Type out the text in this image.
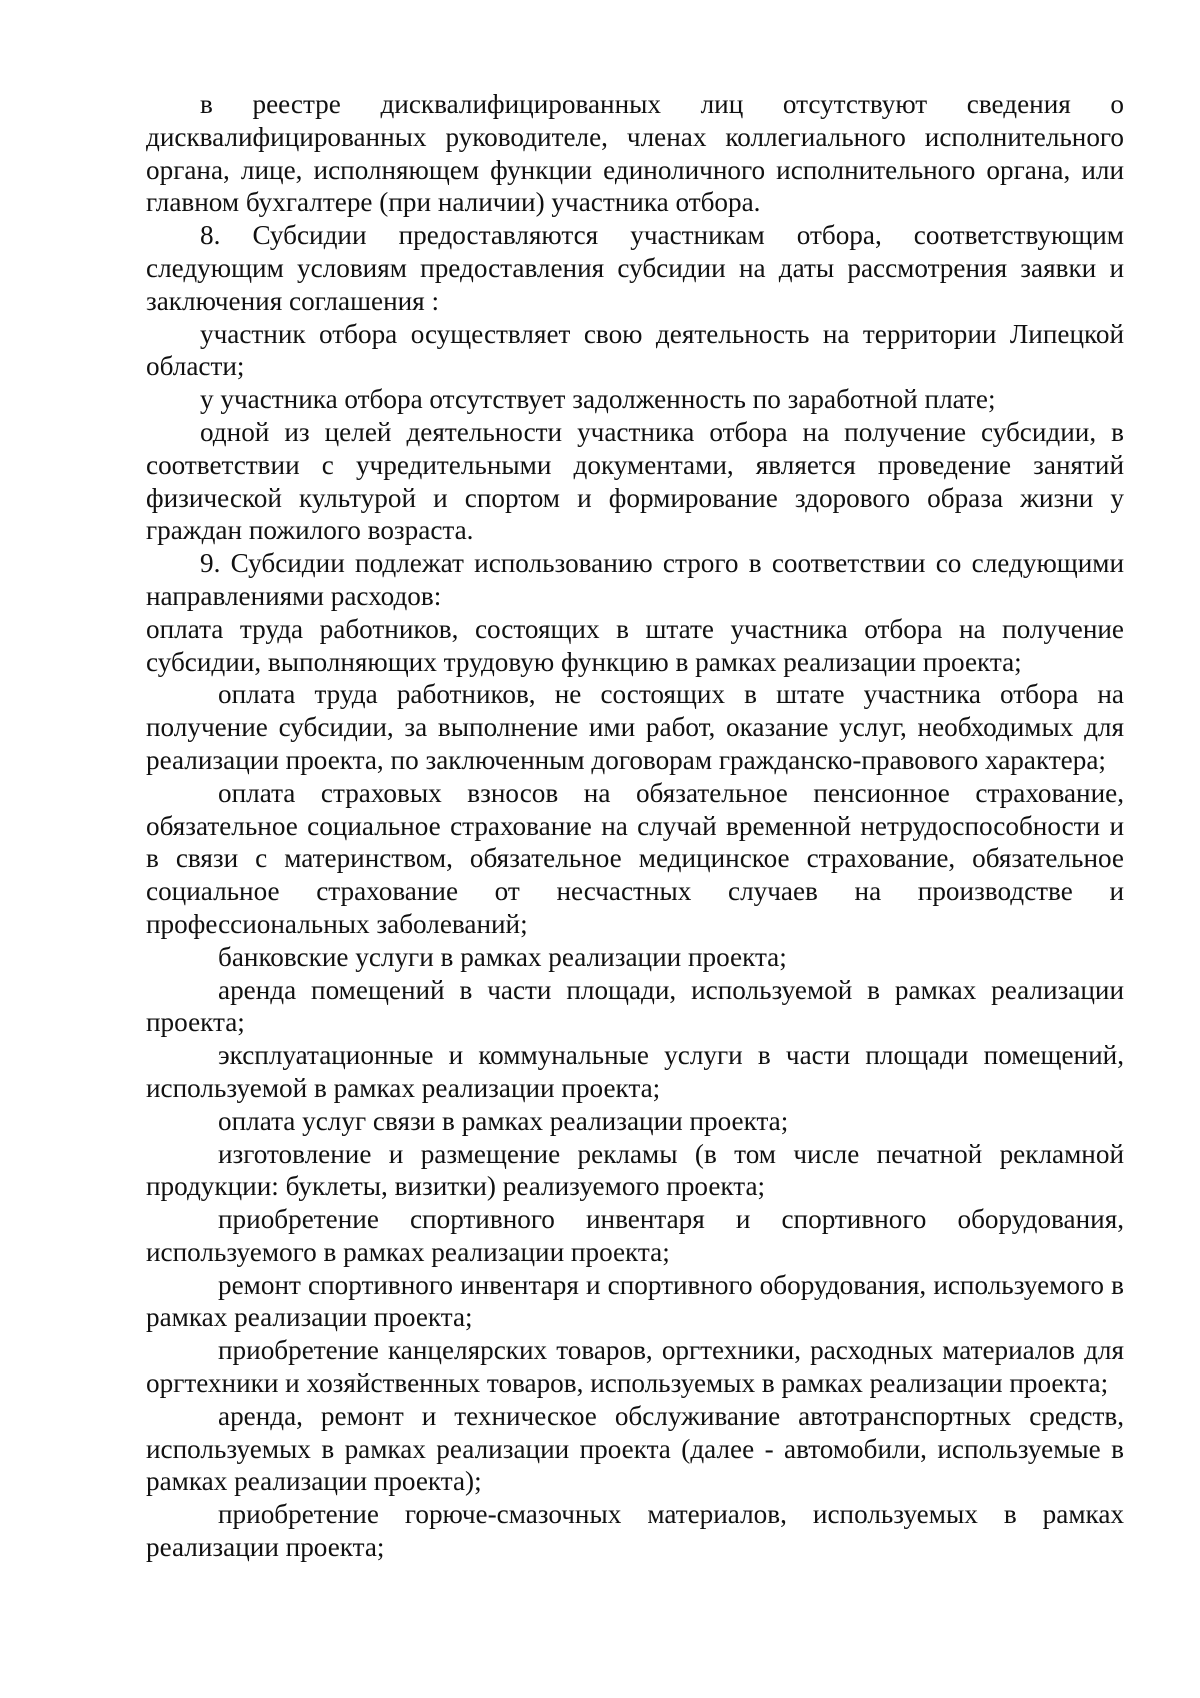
в реестре дисквалифицированных лиц отсутствуют сведения о дисквалифицированных руководителе, членах коллегиального исполнительного органа, лице, исполняющем функции единоличного исполнительного органа, или главном бухгалтере (при наличии) участника отбора.

8. Субсидии предоставляются участникам отбора, соответствующим следующим условиям предоставления субсидии на даты рассмотрения заявки и заключения соглашения :

участник отбора осуществляет свою деятельность на территории Липецкой области;

у участника отбора отсутствует задолженность по заработной плате;

одной из целей деятельности участника отбора на получение субсидии, в соответствии с учредительными документами, является проведение занятий физической культурой и спортом и формирование здорового образа жизни у граждан пожилого возраста.

9. Субсидии подлежат использованию строго в соответствии со следующими направлениями расходов:

оплата труда работников, состоящих в штате участника отбора на получение субсидии, выполняющих трудовую функцию в рамках реализации проекта;

оплата труда работников, не состоящих в штате участника отбора на получение субсидии, за выполнение ими работ, оказание услуг, необходимых для реализации проекта, по заключенным договорам гражданско-правового характера;

оплата страховых взносов на обязательное пенсионное страхование, обязательное социальное страхование на случай временной нетрудоспособности и в связи с материнством, обязательное медицинское страхование, обязательное социальное страхование от несчастных случаев на производстве и профессиональных заболеваний;

банковские услуги в рамках реализации проекта;

аренда помещений в части площади, используемой в рамках реализации проекта;

эксплуатационные и коммунальные услуги в части площади помещений, используемой в рамках реализации проекта;

оплата услуг связи в рамках реализации проекта;

изготовление и размещение рекламы (в том числе печатной рекламной продукции: буклеты, визитки) реализуемого проекта;

приобретение спортивного инвентаря и спортивного оборудования, используемого в рамках реализации проекта;

ремонт спортивного инвентаря и спортивного оборудования, используемого в рамках реализации проекта;

приобретение канцелярских товаров, оргтехники, расходных материалов для оргтехники и хозяйственных товаров, используемых в рамках реализации проекта;

аренда, ремонт и техническое обслуживание автотранспортных средств, используемых в рамках реализации проекта (далее - автомобили, используемые в рамках реализации проекта);

приобретение горюче-смазочных материалов, используемых в рамках реализации проекта;
